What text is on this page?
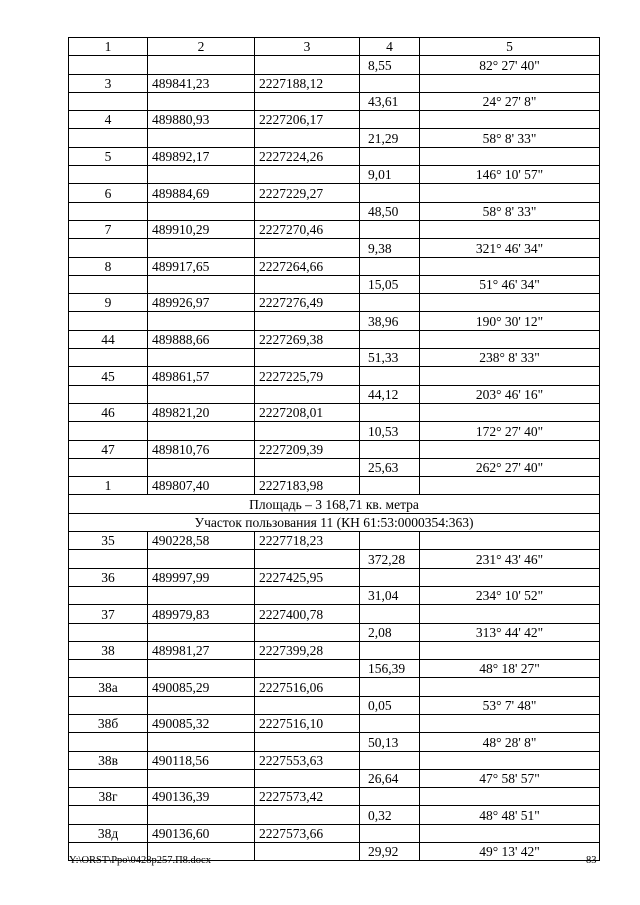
1	2	3	4	5
			8,55	82° 27' 40"
3	489841,23	2227188,12		
			43,61	24° 27' 8"
4	489880,93	2227206,17		
			21,29	58° 8' 33"
5	489892,17	2227224,26		
			9,01	146° 10' 57"
6	489884,69	2227229,27		
			48,50	58° 8' 33"
7	489910,29	2227270,46		
			9,38	321° 46' 34"
8	489917,65	2227264,66		
			15,05	51° 46' 34"
9	489926,97	2227276,49		
			38,96	190° 30' 12"
44	489888,66	2227269,38		
			51,33	238° 8' 33"
45	489861,57	2227225,79		
			44,12	203° 46' 16"
46	489821,20	2227208,01		
			10,53	172° 27' 40"
47	489810,76	2227209,39		
			25,63	262° 27' 40"
1	489807,40	2227183,98		
Площадь – 3 168,71 кв. метра				
Участок пользования 11 (КН 61:53:0000354:363)				
35	490228,58	2227718,23		
			372,28	231° 43' 46"
36	489997,99	2227425,95		
			31,04	234° 10' 52"
37	489979,83	2227400,78		
			2,08	313° 44' 42"
38	489981,27	2227399,28		
			156,39	48° 18' 27"
38а	490085,29	2227516,06		
			0,05	53° 7' 48"
38б	490085,32	2227516,10		
			50,13	48° 28' 8"
38в	490118,56	2227553,63		
			26,64	47° 58' 57"
38г	490136,39	2227573,42		
			0,32	48° 48' 51"
38д	490136,60	2227573,66		
			29,92	49° 13' 42"
Y:\ORST\Ppo\0428p257.П8.docx	83
